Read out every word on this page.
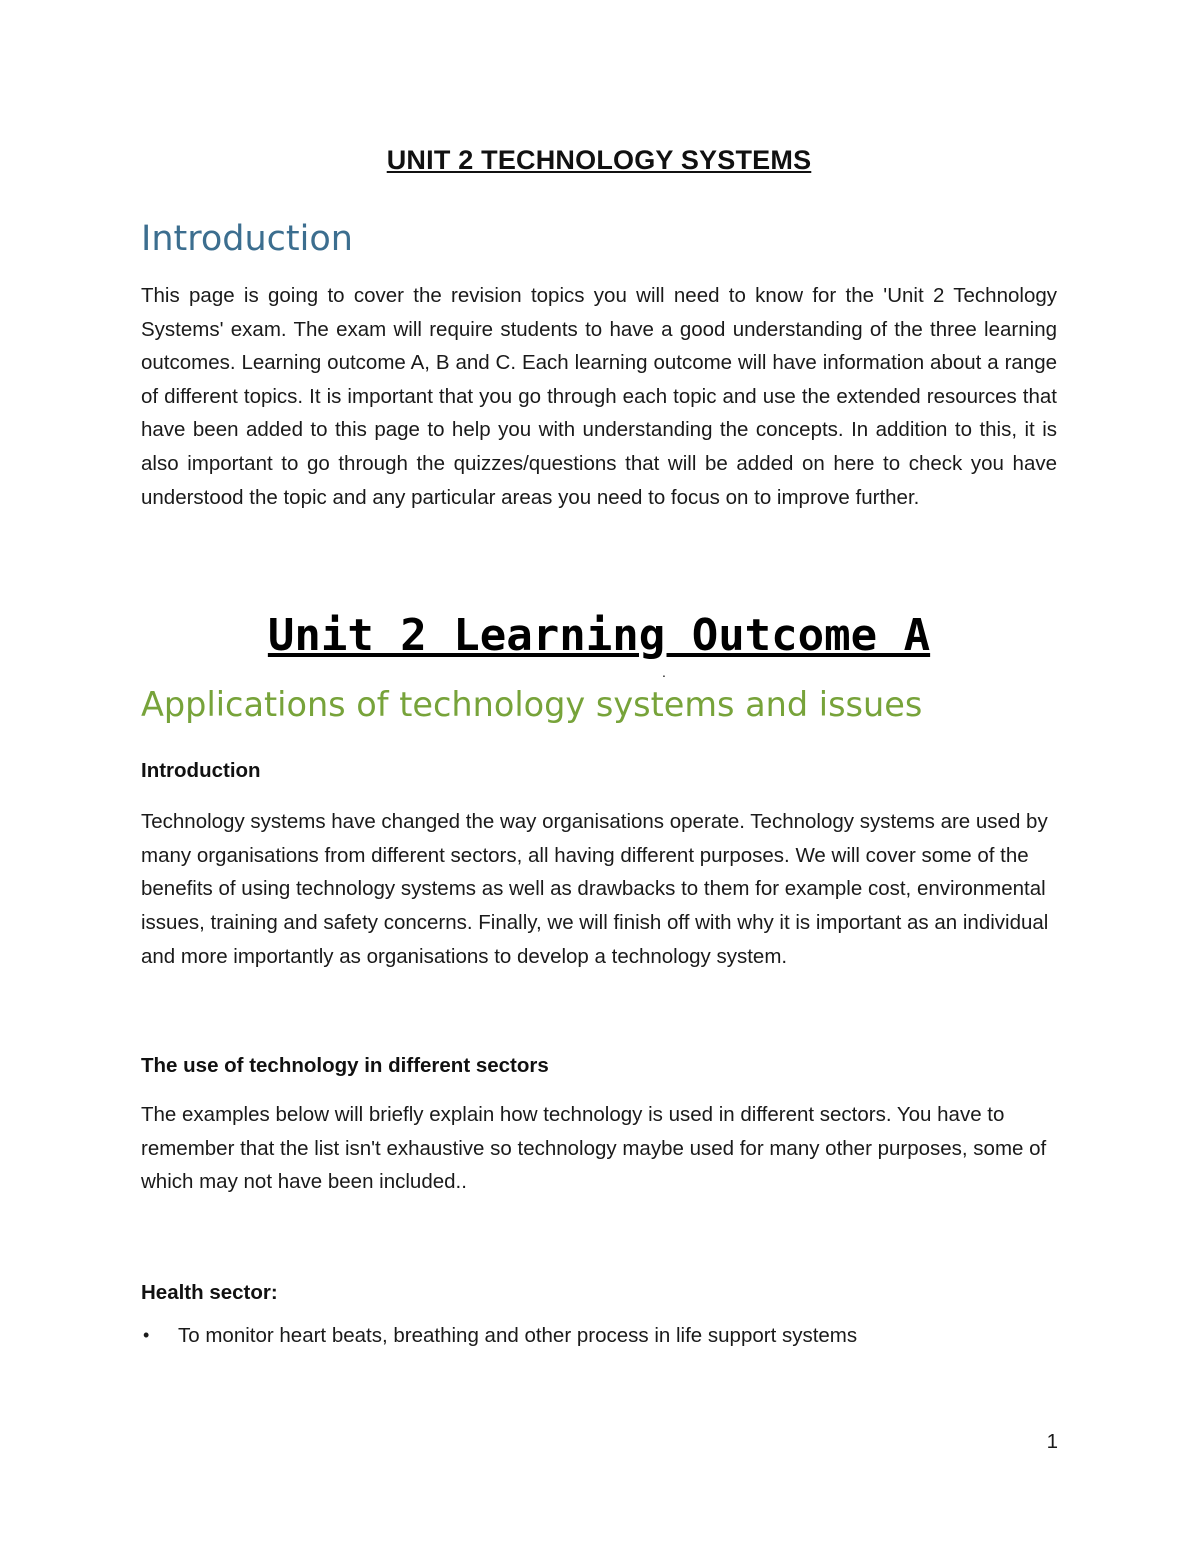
UNIT 2 TECHNOLOGY SYSTEMS
Introduction

This page is going to cover the revision topics you will need to know for the 'Unit 2 Technology Systems' exam. The exam will require students to have a good understanding of the three learning outcomes. Learning outcome A, B and C. Each learning outcome will have information about a range of different topics. It is important that you go through each topic and use the extended resources that have been added to this page to help you with understanding the concepts. In addition to this, it is also important to go through the quizzes/questions that will be added on here to check you have understood the topic and any particular areas you need to focus on to improve further.

Unit 2 Learning Outcome A
·
Applications of technology systems and issues
Introduction

Technology systems have changed the way organisations operate. Technology systems are used by many organisations from different sectors, all having different purposes. We will cover some of the benefits of using technology systems as well as drawbacks to them for example cost, environmental issues, training and safety concerns. Finally, we will finish off with why it is important as an individual and more importantly as organisations to develop a technology system.

The use of technology in different sectors

The examples below will briefly explain how technology is used in different sectors. You have to remember that the list isn't exhaustive so technology maybe used for many other purposes, some of which may not have been included..

Health sector:
• To monitor heart beats, breathing and other process in life support systems
1
